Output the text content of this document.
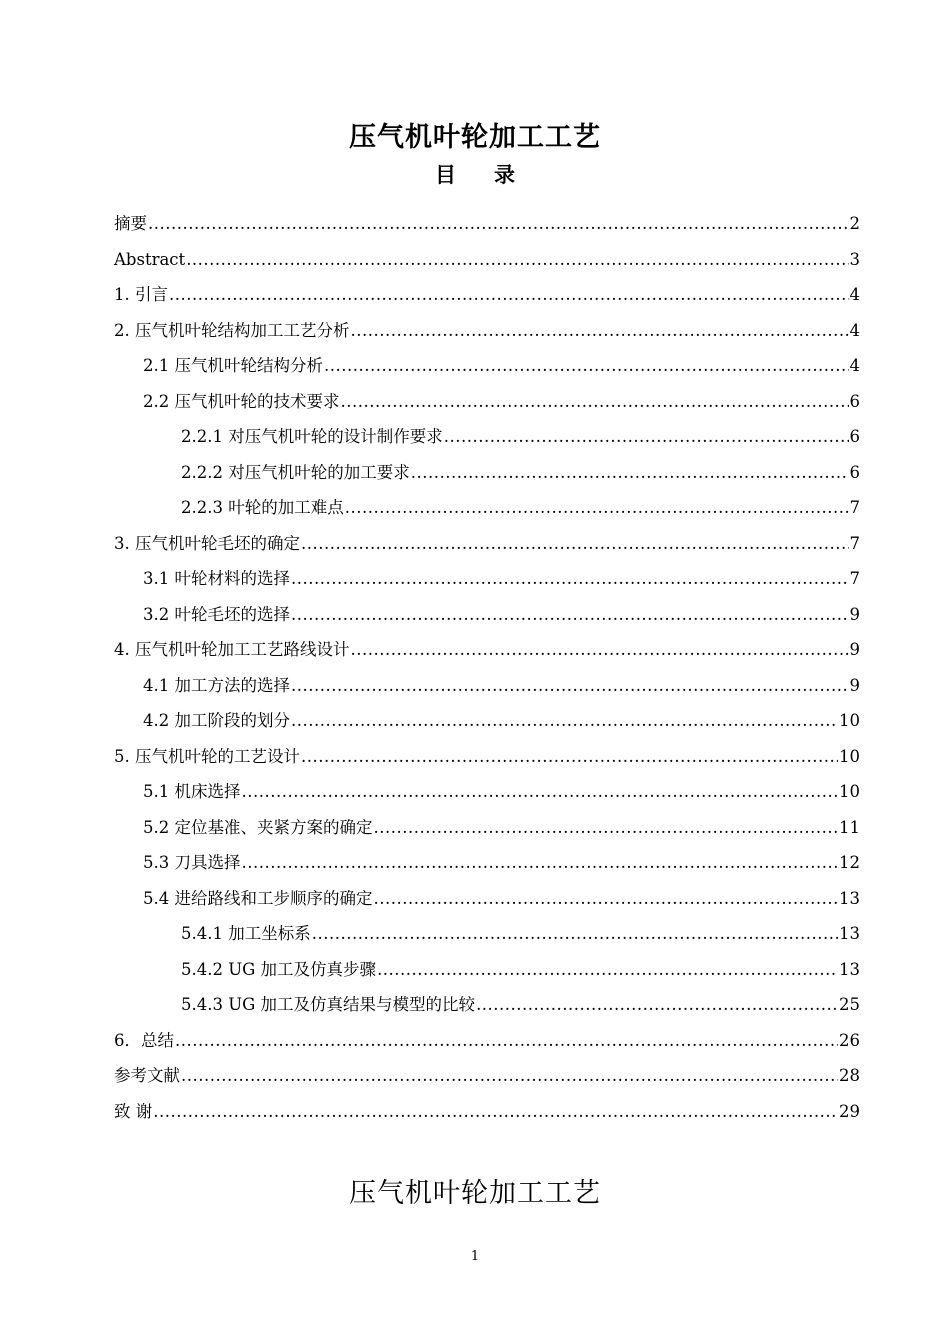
压气机叶轮加工工艺
目 录
摘要 .....	2
Abstract .....	3
1. 引言 .....	4
2. 压气机叶轮结构加工工艺分析 .....	4
2.1 压气机叶轮结构分析 .....	4
2.2 压气机叶轮的技术要求 .....	6
2.2.1 对压气机叶轮的设计制作要求 .....	6
2.2.2 对压气机叶轮的加工要求 .....	6
2.2.3 叶轮的加工难点 .....	7
3. 压气机叶轮毛坯的确定 .....	7
3.1 叶轮材料的选择 .....	7
3.2 叶轮毛坯的选择 .....	9
4. 压气机叶轮加工工艺路线设计 .....	9
4.1 加工方法的选择 .....	9
4.2 加工阶段的划分 .....	10
5. 压气机叶轮的工艺设计 .....	10
5.1 机床选择 .....	10
5.2 定位基准、夹紧方案的确定 .....	11
5.3 刀具选择 .....	12
5.4 进给路线和工步顺序的确定 .....	13
5.4.1 加工坐标系 .....	13
5.4.2 UG 加工及仿真步骤 .....	13
5.4.3 UG 加工及仿真结果与模型的比较 .....	25
6．总结 .....	26
参考文献 .....	28
致 谢 .....	29
压气机叶轮加工工艺
1
